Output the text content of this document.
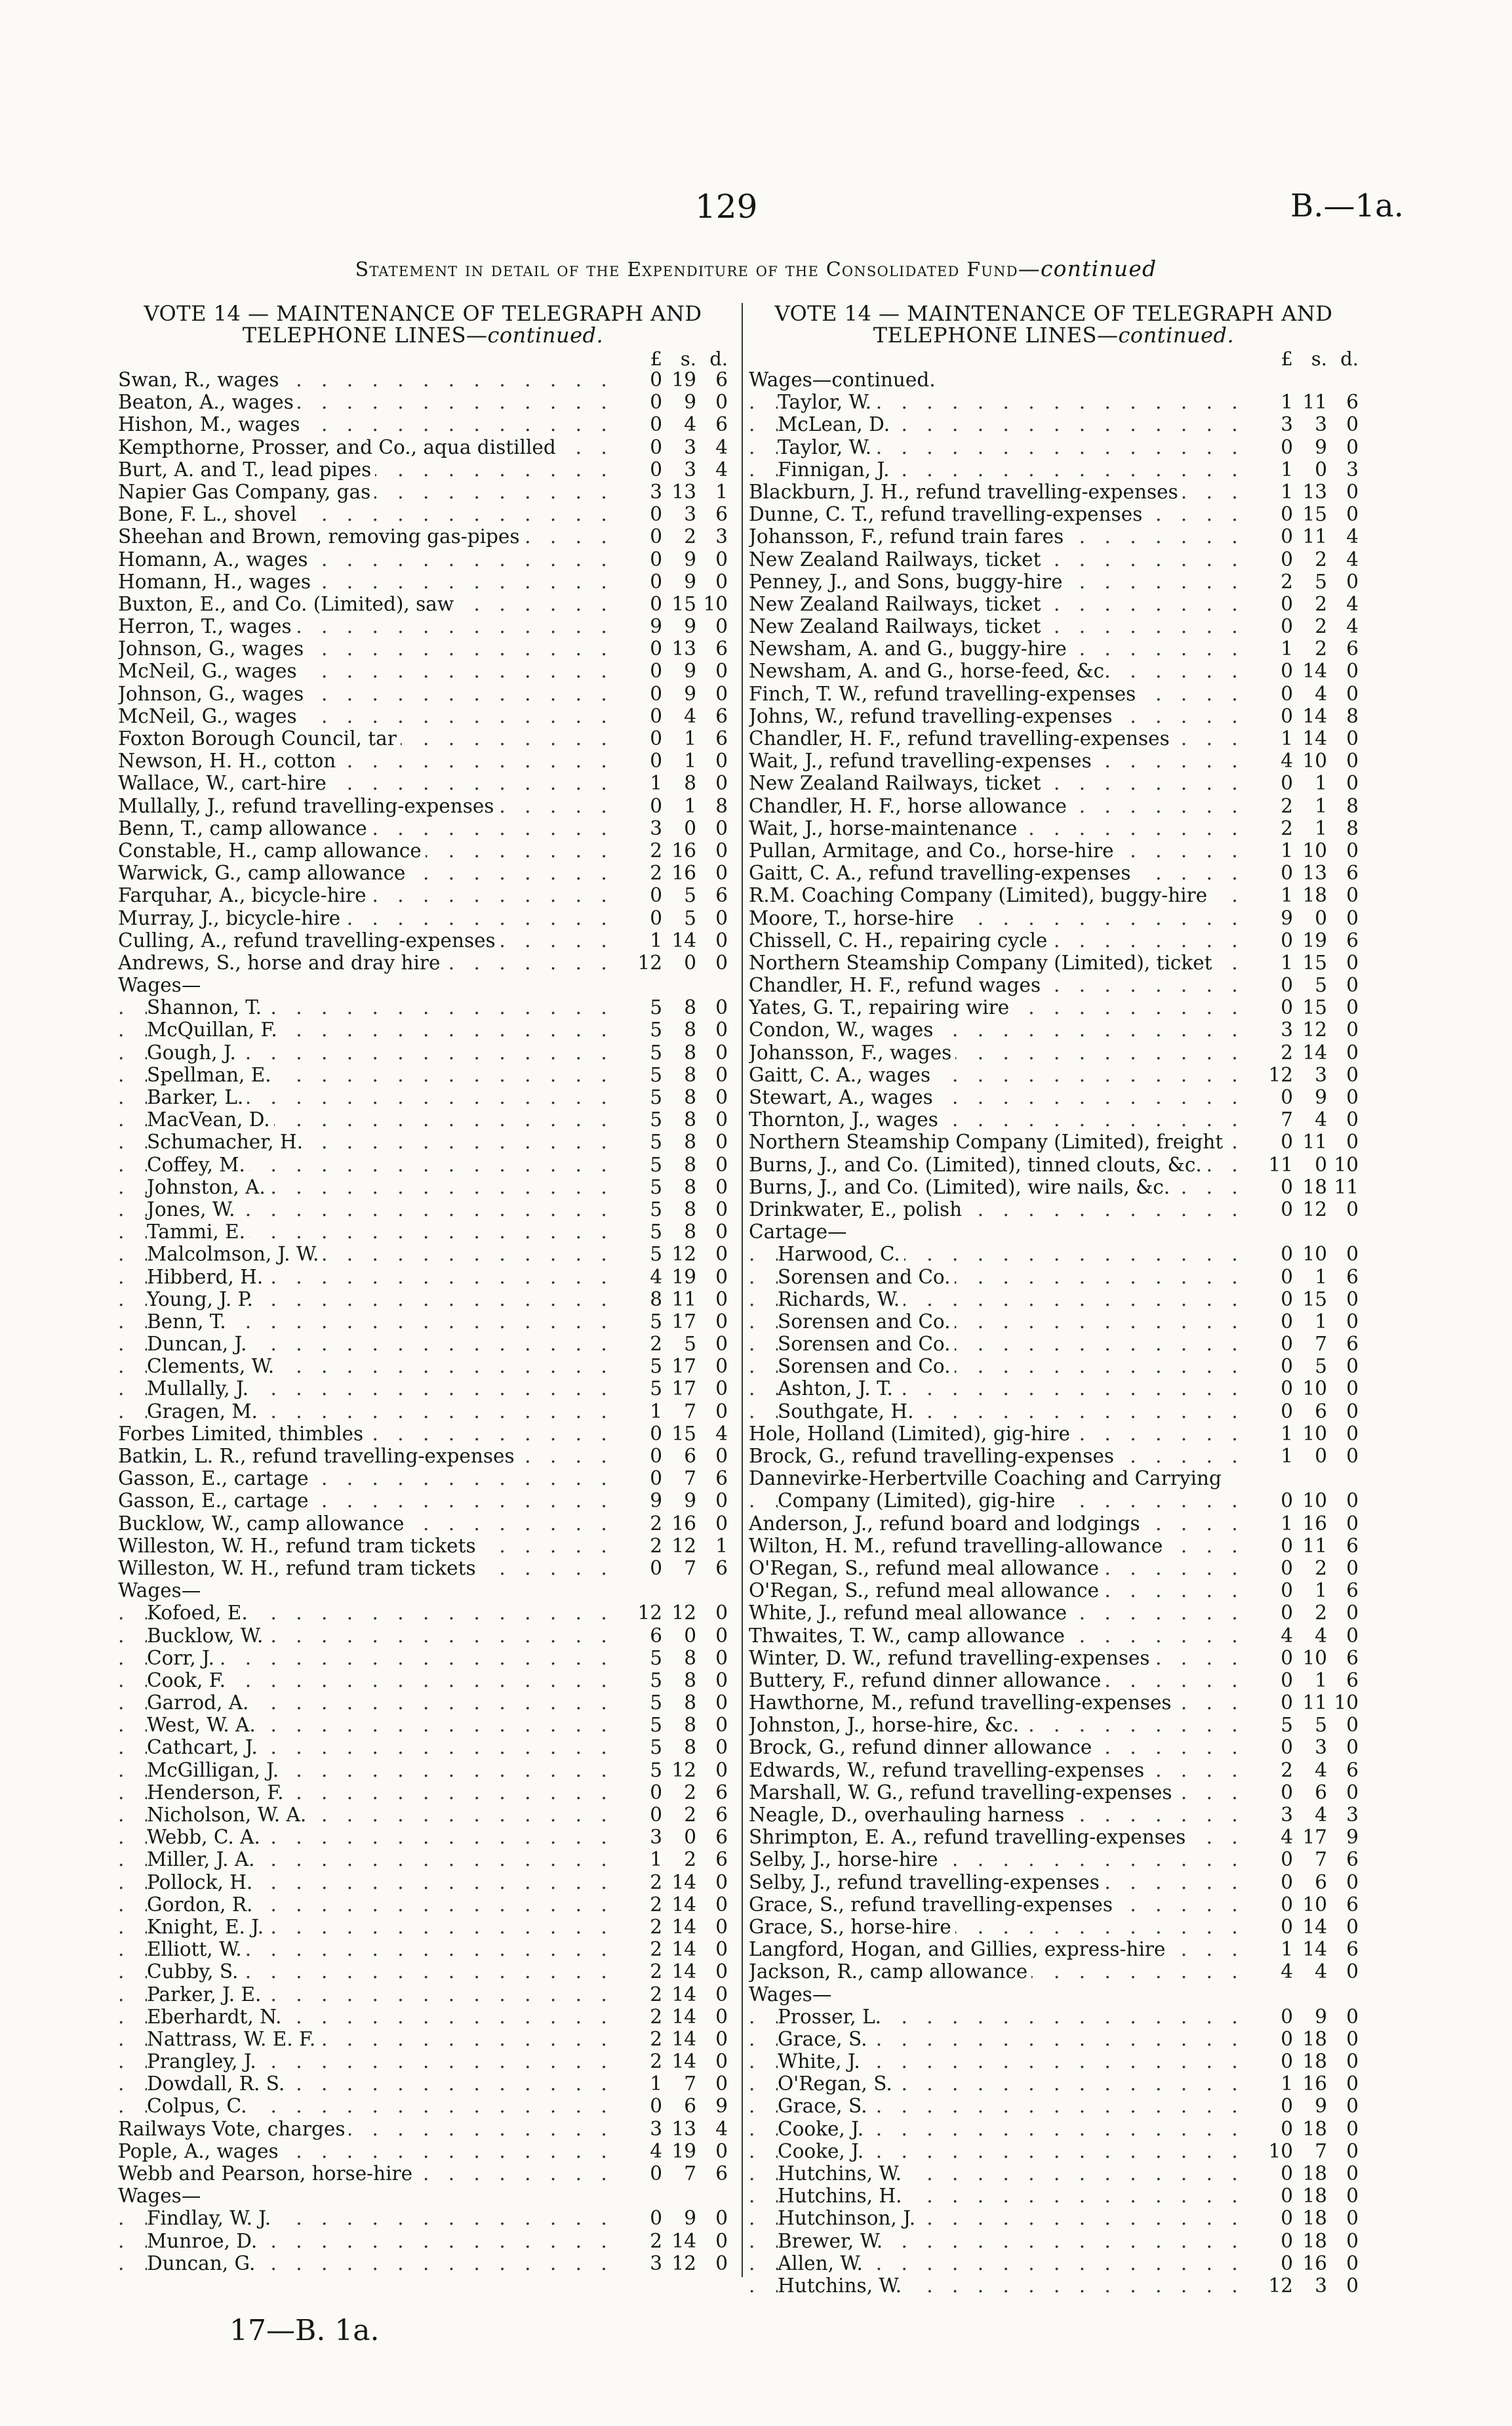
129	B.—1a.
Statement in detail of the Expenditure of the Consolidated Fund—continued
VOTE 14 — MAINTENANCE OF TELEGRAPH AND
TELEPHONE LINES—continued.
£ s. d.
Swan, R., wages . .	0 19 6
Beaton, A., wages . .	0	9 0
Hishon, M., wages . .	0	4 6
Kempthorne, Prosser, and Co., aqua distilled . .	0	3 4
Burt, A. and T., lead pipes . .	0	3 4
Napier Gas Company, gas . .	3 13 1
Bone, F. L., shovel . .	0	3 6
Sheehan and Brown, removing gas-pipes . .	0	2 3
Homann, A., wages . .	0	9 0
Homann, H., wages . .	0	9 0
Buxton, E., and Co. (Limited), saw . .	0 15 10
Herron, T., wages . .	9	9 0
Johnson, G., wages . .	0 13 6
McNeil, G., wages . .	0	9 0
Johnson, G., wages . .	0	9 0
McNeil, G., wages . .	0	4 6
Foxton Borough Council, tar . .	0	1 6
Newson, H. H., cotton . .	0	1 0
Wallace, W., cart-hire . .	1	8 0
Mullally, J., refund travelling-expenses . .	0	1 8
Benn, T., camp allowance . .	3	0 0
Constable, H., camp allowance . .	2 16 0
Warwick, G., camp allowance . .	2 16 0
Farquhar, A., bicycle-hire . .	0	5 6
Murray, J., bicycle-hire . .	0	5 0
Culling, A., refund travelling-expenses . .	1 14 0
Andrews, S., horse and dray hire . .	12	0 0
Wages—
Shannon, T. . .	5	8 0
McQuillan, F. . .	5	8 0
Gough, J. . .	5	8 0
Spellman, E. . .	5	8 0
Barker, L. . .	5	8 0
MacVean, D. . .	5	8 0
Schumacher, H. . .	5	8 0
Coffey, M. . .	5	8 0
Johnston, A. . .	5	8 0
Jones, W. . .	5	8 0
Tammi, E. . .	5	8 0
Malcolmson, J. W. . .	5 12 0
Hibberd, H. . .	4 19 0
Young, J. P. . .	8 11 0
Benn, T. . .	5 17 0
Duncan, J. . .	2	5 0
Clements, W. . .	5 17 0
Mullally, J. . .	5 17 0
Gragen, M. . .	1	7 0
Forbes Limited, thimbles . .	0 15 4
Batkin, L. R., refund travelling-expenses . .	0	6 0
Gasson, E., cartage . .	0	7 6
Gasson, E., cartage . .	9	9 0
Bucklow, W., camp allowance . .	2 16 0
Willeston, W. H., refund tram tickets . .	2 12 1
Willeston, W. H., refund tram tickets . .	0	7 6
Wages—
Kofoed, E. . .	12 12 0
Bucklow, W. . .	6	0 0
Corr, J. . .	5	8 0
Cook, F. . .	5	8 0
Garrod, A. . .	5	8 0
West, W. A. . .	5	8 0
Cathcart, J. . .	5	8 0
McGilligan, J. . .	5 12 0
Henderson, F. . .	0	2 6
Nicholson, W. A. . .	0	2 6
Webb, C. A. . .	3	0 6
Miller, J. A. . .	1	2 6
Pollock, H. . .	2 14 0
Gordon, R. . .	2 14 0
Knight, E. J. . .	2 14 0
Elliott, W. . .	2 14 0
Cubby, S. . .	2 14 0
Parker, J. E. . .	2 14 0
Eberhardt, N. . .	2 14 0
Nattrass, W. E. F. . .	2 14 0
Prangley, J. . .	2 14 0
Dowdall, R. S. . .	1	7 0
Colpus, C. . .	0	6 9
Railways Vote, charges . .	3 13 4
Pople, A., wages . .	4 19 0
Webb and Pearson, horse-hire . .	0	7 6
Wages—
Findlay, W. J. . .	0	9 0
Munroe, D. . .	2 14 0
Duncan, G. . .	3 12 0
VOTE 14 — MAINTENANCE OF TELEGRAPH AND
TELEPHONE LINES—continued.
£ s. d.
Wages—continued.
Taylor, W. . .	1 11 6
McLean, D. . .	3	3 0
Taylor, W. . .	0	9 0
Finnigan, J. . .	1	0 3
Blackburn, J. H., refund travelling-expenses . .	1 13 0
Dunne, C. T., refund travelling-expenses . .	0 15 0
Johansson, F., refund train fares . .	0 11 4
New Zealand Railways, ticket . .	0	2 4
Penney, J., and Sons, buggy-hire . .	2	5 0
New Zealand Railways, ticket . .	0	2 4
New Zealand Railways, ticket . .	0	2 4
Newsham, A. and G., buggy-hire . .	1	2 6
Newsham, A. and G., horse-feed, &c. . .	0 14 0
Finch, T. W., refund travelling-expenses . .	0	4 0
Johns, W., refund travelling-expenses . .	0 14 8
Chandler, H. F., refund travelling-expenses . .	1 14 0
Wait, J., refund travelling-expenses . .	4 10 0
New Zealand Railways, ticket . .	0	1 0
Chandler, H. F., horse allowance . .	2	1 8
Wait, J., horse-maintenance . .	2	1 8
Pullan, Armitage, and Co., horse-hire . .	1 10 0
Gaitt, C. A., refund travelling-expenses . .	0 13 6
R.M. Coaching Company (Limited), buggy-hire . .	1 18 0
Moore, T., horse-hire . .	9	0 0
Chissell, C. H., repairing cycle . .	0 19 6
Northern Steamship Company (Limited), ticket . .	1 15 0
Chandler, H. F., refund wages . .	0	5 0
Yates, G. T., repairing wire . .	0 15 0
Condon, W., wages . .	3 12 0
Johansson, F., wages . .	2 14 0
Gaitt, C. A., wages . .	12	3 0
Stewart, A., wages . .	0	9 0
Thornton, J., wages . .	7	4 0
Northern Steamship Company (Limited), freight . .	0 11 0
Burns, J., and Co. (Limited), tinned clouts, &c. . .	11	0 10
Burns, J., and Co. (Limited), wire nails, &c. . .	0 18 11
Drinkwater, E., polish . .	0 12 0
Cartage—
Harwood, C. . .	0 10 0
Sorensen and Co. . .	0	1 6
Richards, W. . .	0 15 0
Sorensen and Co. . .	0	1 0
Sorensen and Co. . .	0	7 6
Sorensen and Co. . .	0	5 0
Ashton, J. T. . .	0 10 0
Southgate, H. . .	0	6 0
Hole, Holland (Limited), gig-hire . .	1 10 0
Brock, G., refund travelling-expenses . .	1	0 0
Dannevirke-Herbertville Coaching and Carrying
Company (Limited), gig-hire . .	0 10 0
Anderson, J., refund board and lodgings . .	1 16 0
Wilton, H. M., refund travelling-allowance . .	0 11 6
O'Regan, S., refund meal allowance . .	0	2 0
O'Regan, S., refund meal allowance . .	0	1 6
White, J., refund meal allowance . .	0	2 0
Thwaites, T. W., camp allowance . .	4	4 0
Winter, D. W., refund travelling-expenses . .	0 10 6
Buttery, F., refund dinner allowance . .	0	1 6
Hawthorne, M., refund travelling-expenses . .	0 11 10
Johnston, J., horse-hire, &c. . .	5	5 0
Brock, G., refund dinner allowance . .	0	3 0
Edwards, W., refund travelling-expenses . .	2	4 6
Marshall, W. G., refund travelling-expenses . .	0	6 0
Neagle, D., overhauling harness . .	3	4 3
Shrimpton, E. A., refund travelling-expenses . .	4 17 9
Selby, J., horse-hire . .	0	7 6
Selby, J., refund travelling-expenses . .	0	6 0
Grace, S., refund travelling-expenses . .	0 10 6
Grace, S., horse-hire . .	0 14 0
Langford, Hogan, and Gillies, express-hire . .	1 14 6
Jackson, R., camp allowance . .	4	4 0
Wages—
Prosser, L. . .	0	9 0
Grace, S. . .	0 18 0
White, J. . .	0 18 0
O'Regan, S. . .	1 16 0
Grace, S. . .	0	9 0
Cooke, J. . .	0 18 0
Cooke, J. . .	10	7 0
Hutchins, W. . .	0 18 0
Hutchins, H. . .	0 18 0
Hutchinson, J. . .	0 18 0
Brewer, W. . .	0 18 0
Allen, W. . .	0 16 0
Hutchins, W. . .	12	3 0
17—B. 1a.
